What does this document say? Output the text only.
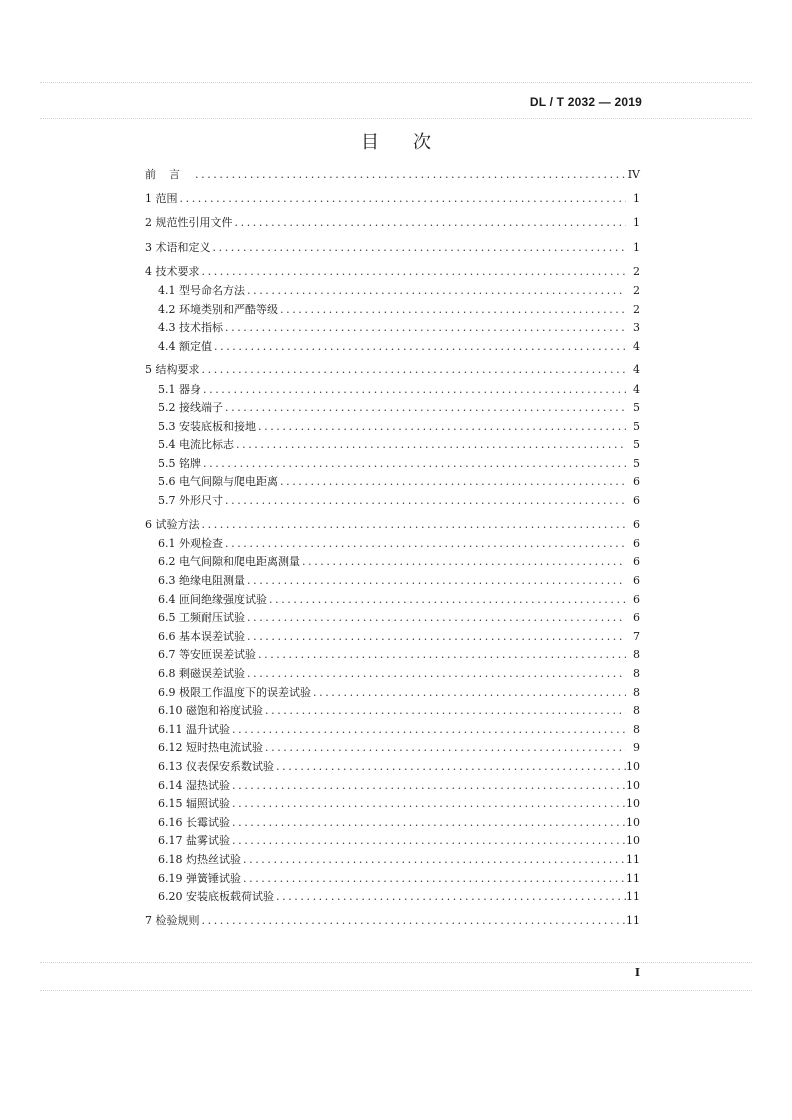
DL / T 2032 — 2019
目次
前言 .....	IV
1 范围 .....	1
2 规范性引用文件 .....	1
3 术语和定义 .....	1
4 技术要求 .....	2
4.1 型号命名方法 .....	2
4.2 环境类别和严酷等级 .....	2
4.3 技术指标 .....	3
4.4 额定值 .....	4
5 结构要求 .....	4
5.1 器身 .....	4
5.2 接线端子 .....	5
5.3 安装底板和接地 .....	5
5.4 电流比标志 .....	5
5.5 铭牌 .....	5
5.6 电气间隙与爬电距离 .....	6
5.7 外形尺寸 .....	6
6 试验方法 .....	6
6.1 外观检查 .....	6
6.2 电气间隙和爬电距离测量 .....	6
6.3 绝缘电阻测量 .....	6
6.4 匝间绝缘强度试验 .....	6
6.5 工频耐压试验 .....	6
6.6 基本误差试验 .....	7
6.7 等安匝误差试验 .....	8
6.8 剩磁误差试验 .....	8
6.9 极限工作温度下的误差试验 .....	8
6.10 磁饱和裕度试验 .....	8
6.11 温升试验 .....	8
6.12 短时热电流试验 .....	9
6.13 仪表保安系数试验 .....	10
6.14 湿热试验 .....	10
6.15 辐照试验 .....	10
6.16 长霉试验 .....	10
6.17 盐雾试验 .....	10
6.18 灼热丝试验 .....	11
6.19 弹簧锤试验 .....	11
6.20 安装底板载荷试验 .....	11
7 检验规则 .....	11
I
